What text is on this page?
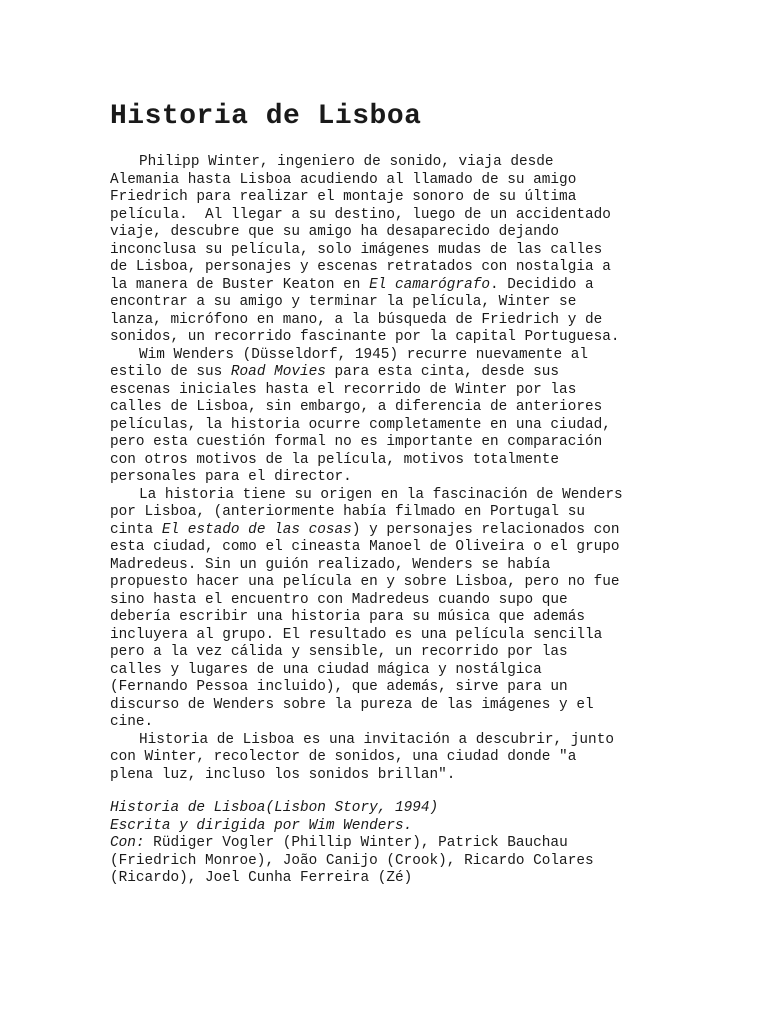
Historia de Lisboa
Philipp Winter, ingeniero de sonido, viaja desde
Alemania hasta Lisboa acudiendo al llamado de su amigo
Friedrich para realizar el montaje sonoro de su última
película.  Al llegar a su destino, luego de un accidentado
viaje, descubre que su amigo ha desaparecido dejando
inconclusa su película, solo imágenes mudas de las calles
de Lisboa, personajes y escenas retratados con nostalgia a
la manera de Buster Keaton en El camarógrafo. Decidido a
encontrar a su amigo y terminar la película, Winter se
lanza, micrófono en mano, a la búsqueda de Friedrich y de
sonidos, un recorrido fascinante por la capital Portuguesa.
Wim Wenders (Düsseldorf, 1945) recurre nuevamente al
estilo de sus Road Movies para esta cinta, desde sus
escenas iniciales hasta el recorrido de Winter por las
calles de Lisboa, sin embargo, a diferencia de anteriores
películas, la historia ocurre completamente en una ciudad,
pero esta cuestión formal no es importante en comparación
con otros motivos de la película, motivos totalmente
personales para el director.
La historia tiene su origen en la fascinación de Wenders
por Lisboa, (anteriormente había filmado en Portugal su
cinta El estado de las cosas) y personajes relacionados con
esta ciudad, como el cineasta Manoel de Oliveira o el grupo
Madredeus. Sin un guión realizado, Wenders se había
propuesto hacer una película en y sobre Lisboa, pero no fue
sino hasta el encuentro con Madredeus cuando supo que
debería escribir una historia para su música que además
incluyera al grupo. El resultado es una película sencilla
pero a la vez cálida y sensible, un recorrido por las
calles y lugares de una ciudad mágica y nostálgica
(Fernando Pessoa incluido), que además, sirve para un
discurso de Wenders sobre la pureza de las imágenes y el
cine.
Historia de Lisboa es una invitación a descubrir, junto
con Winter, recolector de sonidos, una ciudad donde "a
plena luz, incluso los sonidos brillan".
Historia de Lisboa(Lisbon Story, 1994)
Escrita y dirigida por Wim Wenders.
Con: Rüdiger Vogler (Phillip Winter), Patrick Bauchau
(Friedrich Monroe), João Canijo (Crook), Ricardo Colares
(Ricardo), Joel Cunha Ferreira (Zé)
